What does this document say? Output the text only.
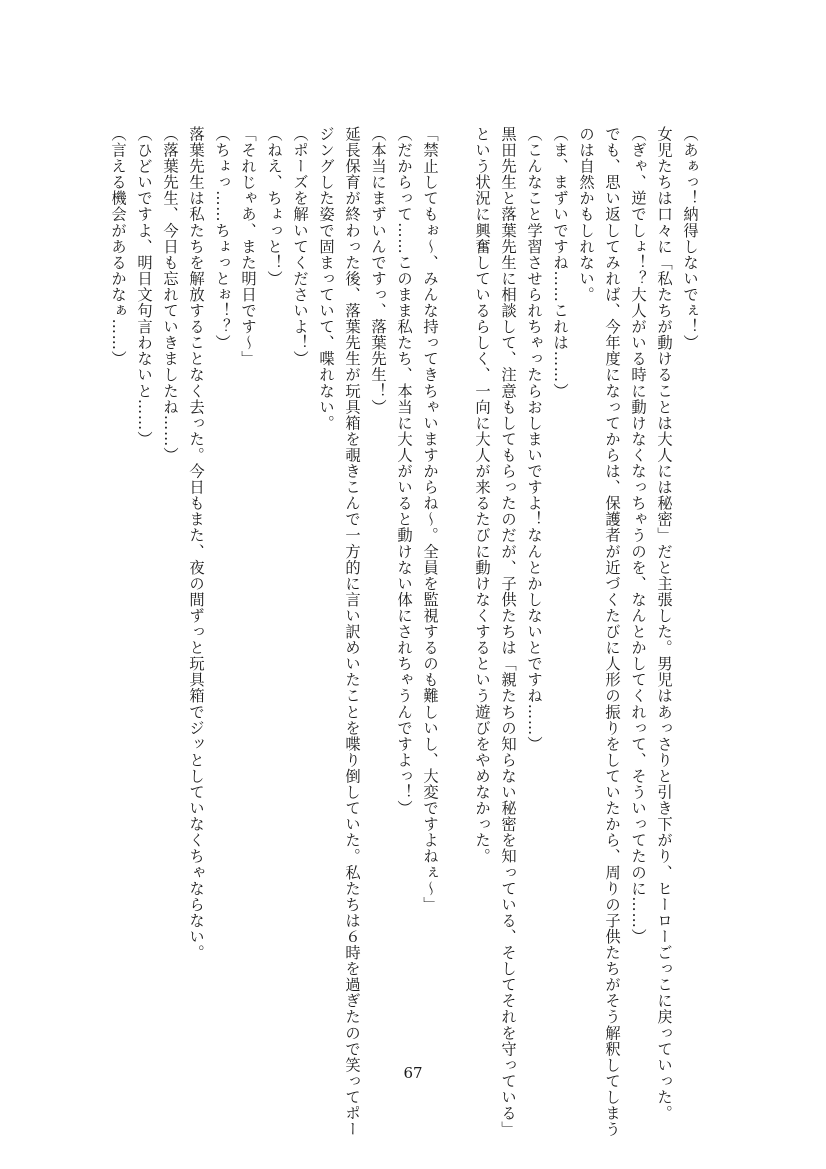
（あぁっ！納得しないでぇ！）
女児たちは口々に「私たちが動けることは大人には秘密」だと主張した。男児はあっさりと引き下がり、ヒーローごっこに戻っていった。
（ぎゃ、逆でしょ！？大人がいる時に動けなくなっちゃうのを、なんとかしてくれって、そういってたのに……）
でも、思い返してみれば、今年度になってからは、保護者が近づくたびに人形の振りをしていたから、周りの子供たちがそう解釈してしまう
のは自然かもしれない。
（ま、まずいですね……これは……）
（こんなこと学習させられちゃったらおしまいですよ！なんとかしないとですね……）
黒田先生と落葉先生に相談して、注意もしてもらったのだが、子供たちは「親たちの知らない秘密を知っている、そしてそれを守っている」
という状況に興奮しているらしく、一向に大人が来るたびに動けなくするという遊びをやめなかった。
「禁止してもぉ～、みんな持ってきちゃいますからね～。全員を監視するのも難しいし、大変ですよねぇ～」
（だからって……このまま私たち、本当に大人がいると動けない体にされちゃうんですよっ！）
（本当にまずいんですっ、落葉先生！）
延長保育が終わった後、落葉先生が玩具箱を覗きこんで一方的に言い訳めいたことを喋り倒していた。私たちは６時を過ぎたので笑ってポー
ジングした姿で固まっていて、喋れない。
（ポーズを解いてくださいよ！）
（ねえ、ちょっと！）
「それじゃあ、また明日です～」
（ちょっ……ちょっとぉ！？）
落葉先生は私たちを解放することなく去った。今日もまた、夜の間ずっと玩具箱でジッとしていなくちゃならない。
（落葉先生、今日も忘れていきましたね……）
（ひどいですよ、明日文句言わないと……）
（言える機会があるかなぁ……）
67
